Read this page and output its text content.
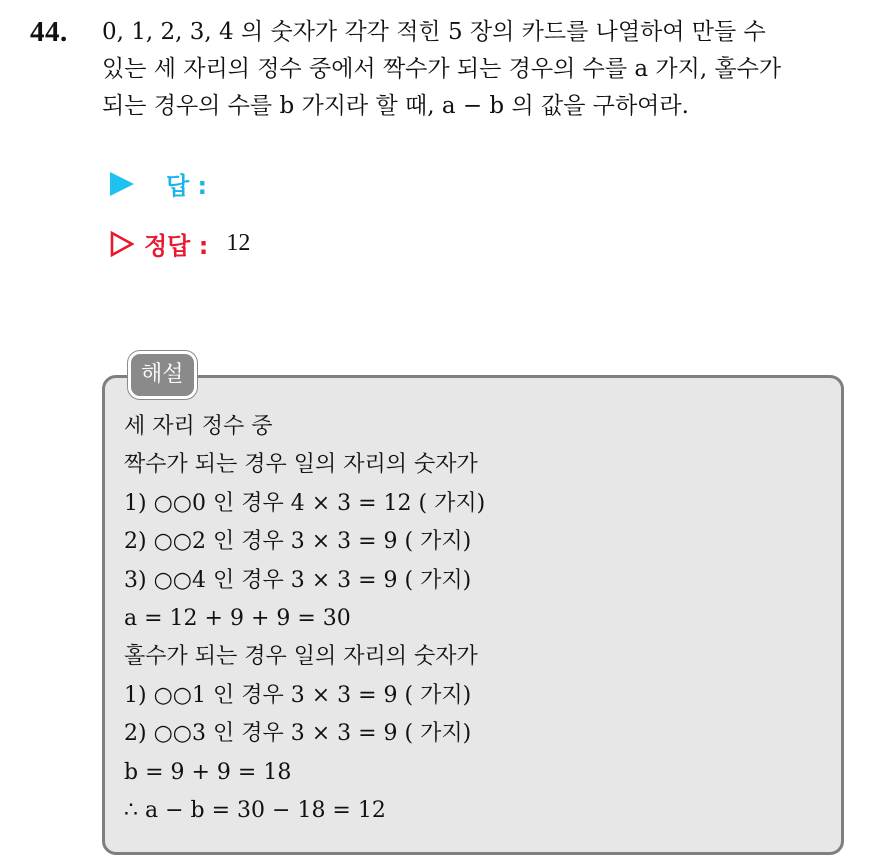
44. 0, 1, 2, 3, 4 의 숫자가 각각 적힌 5 장의 카드를 나열하여 만들 수
있는 세 자리의 정수 중에서 짝수가 되는 경우의 수를 a 가지, 홀수가
되는 경우의 수를 b 가지라 할 때, a − b 의 값을 구하여라.
답 :
정답 : 12
해설
세 자리 정수 중
짝수가 되는 경우 일의 자리의 숫자가
1) ○○0 인 경우 4 × 3 = 12 ( 가지)
2) ○○2 인 경우 3 × 3 = 9 ( 가지)
3) ○○4 인 경우 3 × 3 = 9 ( 가지)
a = 12 + 9 + 9 = 30
홀수가 되는 경우 일의 자리의 숫자가
1) ○○1 인 경우 3 × 3 = 9 ( 가지)
2) ○○3 인 경우 3 × 3 = 9 ( 가지)
b = 9 + 9 = 18
∴ a − b = 30 − 18 = 12
